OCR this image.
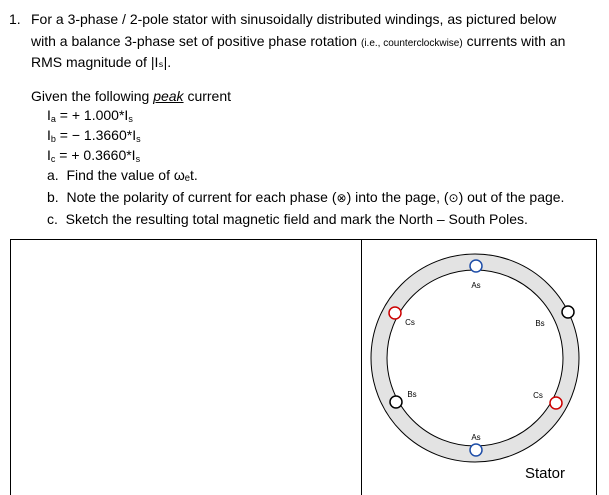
1. For a 3-phase / 2-pole stator with sinusoidally distributed windings, as pictured below
with a balance 3-phase set of positive phase rotation (i.e., counterclockwise) currents with an
RMS magnitude of |Iₛ|.
Given the following peak current
$I_a$ = + $1.000*I_s$
$I_b$ = − $1.3660*I_s$
$I_c$ = + $0.3660*I_s$
a. Find the value of ωₑt.
b. Note the polarity of current for each phase (⊗) into the page, (⊙) out of the page.
c. Sketch the resulting total magnetic field and mark the North – South Poles.
As
As
Bs
Bs
Cs
Cs
Stator
